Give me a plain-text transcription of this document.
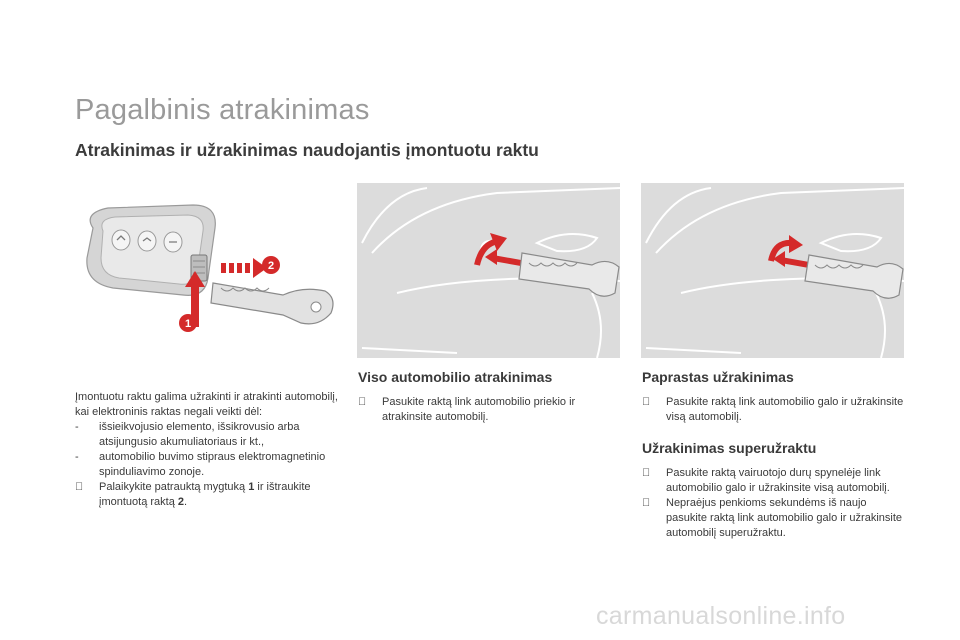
Pagalbinis atrakinimas
Atrakinimas ir užrakinimas naudojantis įmontuotu raktu
1
2

Įmontuotu raktu galima užrakinti ir atrakinti automobilį, kai elektroninis raktas negali veikti dėl:

-	išsieikvojusio elemento, išsikrovusio arba atsijungusio akumuliatoriaus ir kt.,
-	automobilio buvimo stipraus elektromagnetinio spinduliavimo zonoje.
Palaikykite patrauktą mygtuką 1 ir ištraukite įmontuotą raktą 2.
Viso automobilio atrakinimas
Pasukite raktą link automobilio priekio ir atrakinsite automobilį.
Paprastas užrakinimas
Pasukite raktą link automobilio galo ir užrakinsite visą automobilį.
Užrakinimas superužraktu
Pasukite raktą vairuotojo durų spynelėje link automobilio galo ir užrakinsite visą automobilį.
Nepraėjus penkioms sekundėms iš naujo pasukite raktą link automobilio galo ir užrakinsite automobilį superužraktu.
carmanualsonline.info
